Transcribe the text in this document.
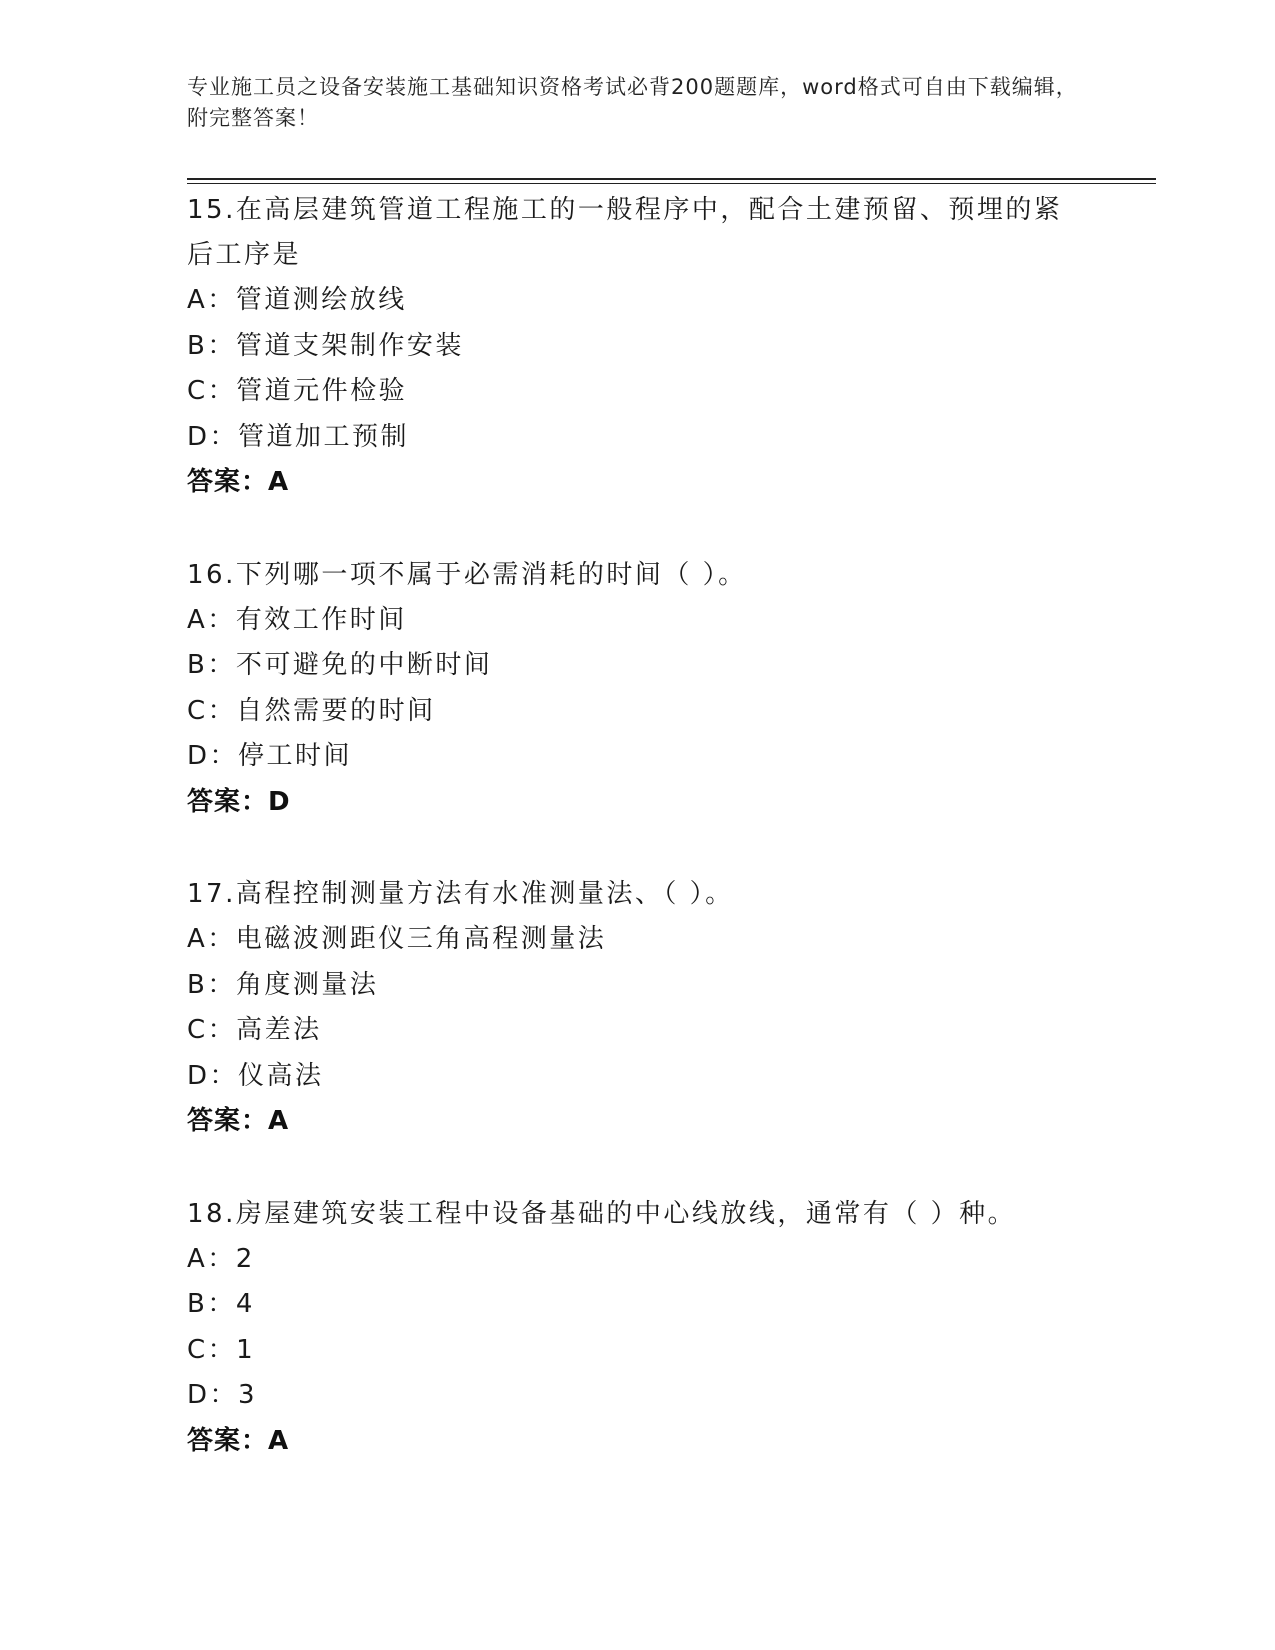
专业施工员之设备安装施工基础知识资格考试必背200题题库，word格式可自由下载编辑，附完整答案！
15.在高层建筑管道工程施工的一般程序中，配合土建预留、预埋的紧后工序是
A：管道测绘放线
B：管道支架制作安装
C：管道元件检验
D：管道加工预制
答案：A
16.下列哪一项不属于必需消耗的时间（ ）。
A：有效工作时间
B：不可避免的中断时间
C：自然需要的时间
D：停工时间
答案：D
17.高程控制测量方法有水准测量法、（ ）。
A：电磁波测距仪三角高程测量法
B：角度测量法
C：高差法
D：仪高法
答案：A
18.房屋建筑安装工程中设备基础的中心线放线，通常有（ ）种。
A：2
B：4
C：1
D：3
答案：A
